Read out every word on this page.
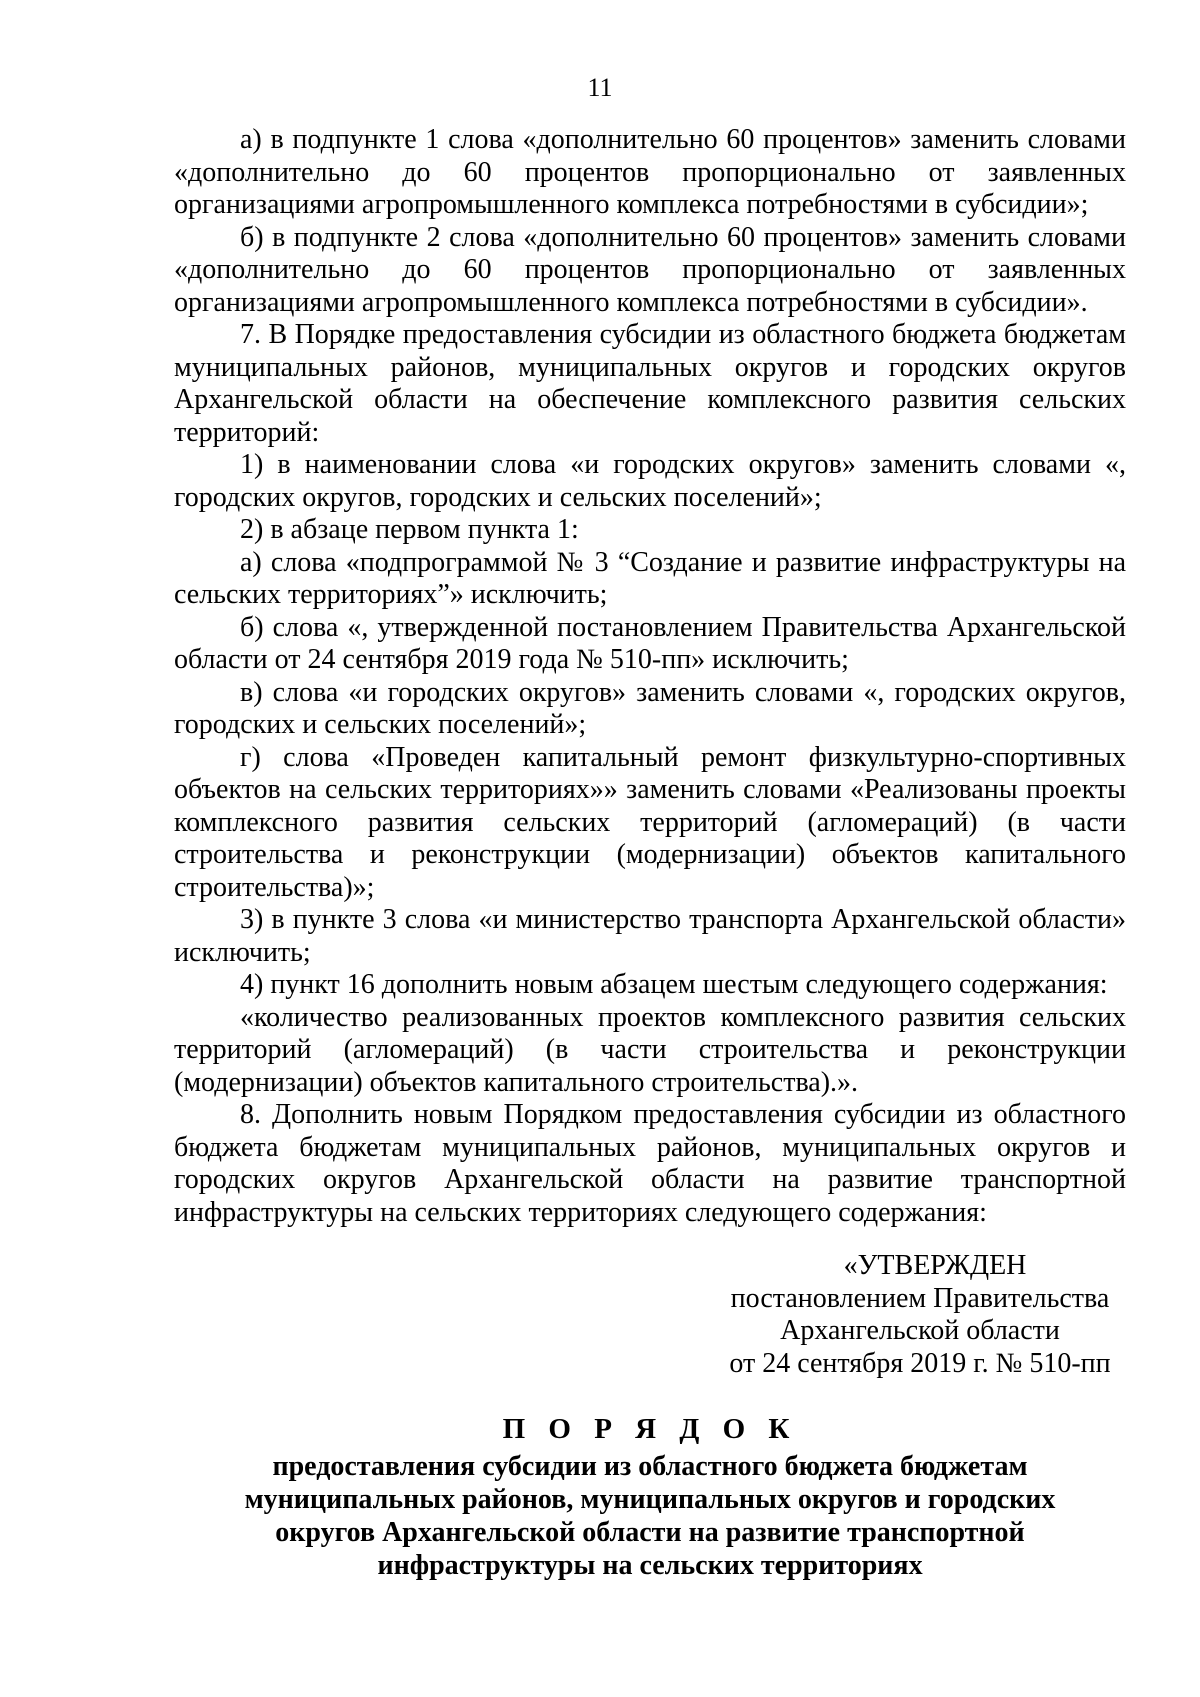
11

а) в подпункте 1 слова «дополнительно 60 процентов» заменить словами «дополнительно до 60 процентов пропорционально от заявленных организациями агропромышленного комплекса потребностями в субсидии»;

б) в подпункте 2 слова «дополнительно 60 процентов» заменить словами «дополнительно до 60 процентов пропорционально от заявленных организациями агропромышленного комплекса потребностями в субсидии».

7. В Порядке предоставления субсидии из областного бюджета бюджетам муниципальных районов, муниципальных округов и городских округов Архангельской области на обеспечение комплексного развития сельских территорий:

1) в наименовании слова «и городских округов» заменить словами «, городских округов, городских и сельских поселений»;

2) в абзаце первом пункта 1:

а) слова «подпрограммой № 3 “Создание и развитие инфраструктуры на сельских территориях”» исключить;

б) слова «, утвержденной постановлением Правительства Архангельской области от 24 сентября 2019 года № 510-пп» исключить;

в) слова «и городских округов» заменить словами «, городских округов, городских и сельских поселений»;

г) слова «Проведен капитальный ремонт физкультурно-спортивных объектов на сельских территориях»» заменить словами «Реализованы проекты комплексного развития сельских территорий (агломераций) (в части строительства и реконструкции (модернизации) объектов капитального строительства)»;

3) в пункте 3 слова «и министерство транспорта Архангельской области» исключить;

4) пункт 16 дополнить новым абзацем шестым следующего содержания:

«количество реализованных проектов комплексного развития сельских территорий (агломераций) (в части строительства и реконструкции (модернизации) объектов капитального строительства).».

8. Дополнить новым Порядком предоставления субсидии из областного бюджета бюджетам муниципальных районов, муниципальных округов и городских округов Архангельской области на развитие транспортной инфраструктуры на сельских территориях следующего содержания:

«УТВЕРЖДЕН
постановлением Правительства
Архангельской области
от 24 сентября 2019 г. № 510-пп
П О Р Я Д О К
предоставления субсидии из областного бюджета бюджетам
муниципальных районов, муниципальных округов и городских
округов Архангельской области на развитие транспортной
инфраструктуры на сельских территориях
